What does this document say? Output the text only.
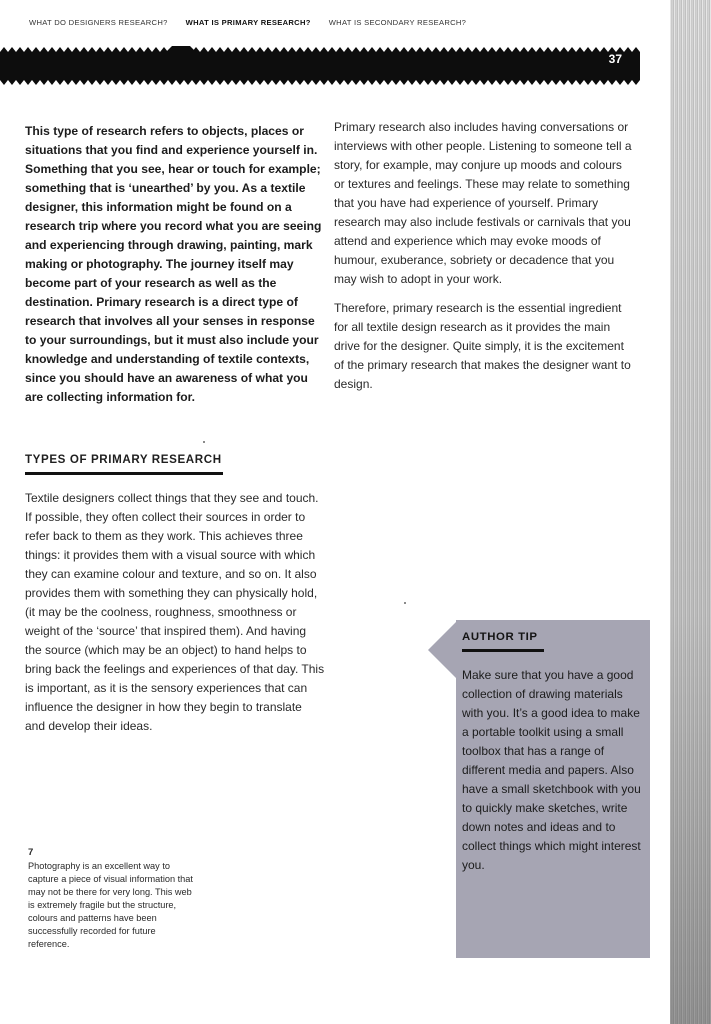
WHAT DO DESIGNERS RESEARCH? WHAT IS PRIMARY RESEARCH? WHAT IS SECONDARY RESEARCH?
37

This type of research refers to objects, places or situations that you find and experience yourself in. Something that you see, hear or touch for example; something that is ‘unearthed’ by you. As a textile designer, this information might be found on a research trip where you record what you are seeing and experiencing through drawing, painting, mark making or photography. The journey itself may become part of your research as well as the destination. Primary research is a direct type of research that involves all your senses in response to your surroundings, but it must also include your knowledge and understanding of textile contexts, since you should have an awareness of what you are collecting information for.

Primary research also includes having conversations or interviews with other people. Listening to someone tell a story, for example, may conjure up moods and colours or textures and feelings. These may relate to something that you have had experience of yourself. Primary research may also include festivals or carnivals that you attend and experience which may evoke moods of humour, exuberance, sobriety or decadence that you may wish to adopt in your work.

Therefore, primary research is the essential ingredient for all textile design research as it provides the main drive for the designer. Quite simply, it is the excitement of the primary research that makes the designer want to design.

TYPES OF PRIMARY RESEARCH

Textile designers collect things that they see and touch. If possible, they often collect their sources in order to refer back to them as they work. This achieves three things: it provides them with a visual source with which they can examine colour and texture, and so on. It also provides them with something they can physically hold, (it may be the coolness, roughness, smoothness or weight of the ‘source’ that inspired them). And having the source (which may be an object) to hand helps to bring back the feelings and experiences of that day. This is important, as it is the sensory experiences that can influence the designer in how they begin to translate and develop their ideas.

7
Photography is an excellent way to capture a piece of visual information that may not be there for very long. This web is extremely fragile but the structure, colours and patterns have been successfully recorded for future reference.
AUTHOR TIP

Make sure that you have a good collection of drawing materials with you. It’s a good idea to make a portable toolkit using a small toolbox that has a range of different media and papers. Also have a small sketchbook with you to quickly make sketches, write down notes and ideas and to collect things which might interest you.
